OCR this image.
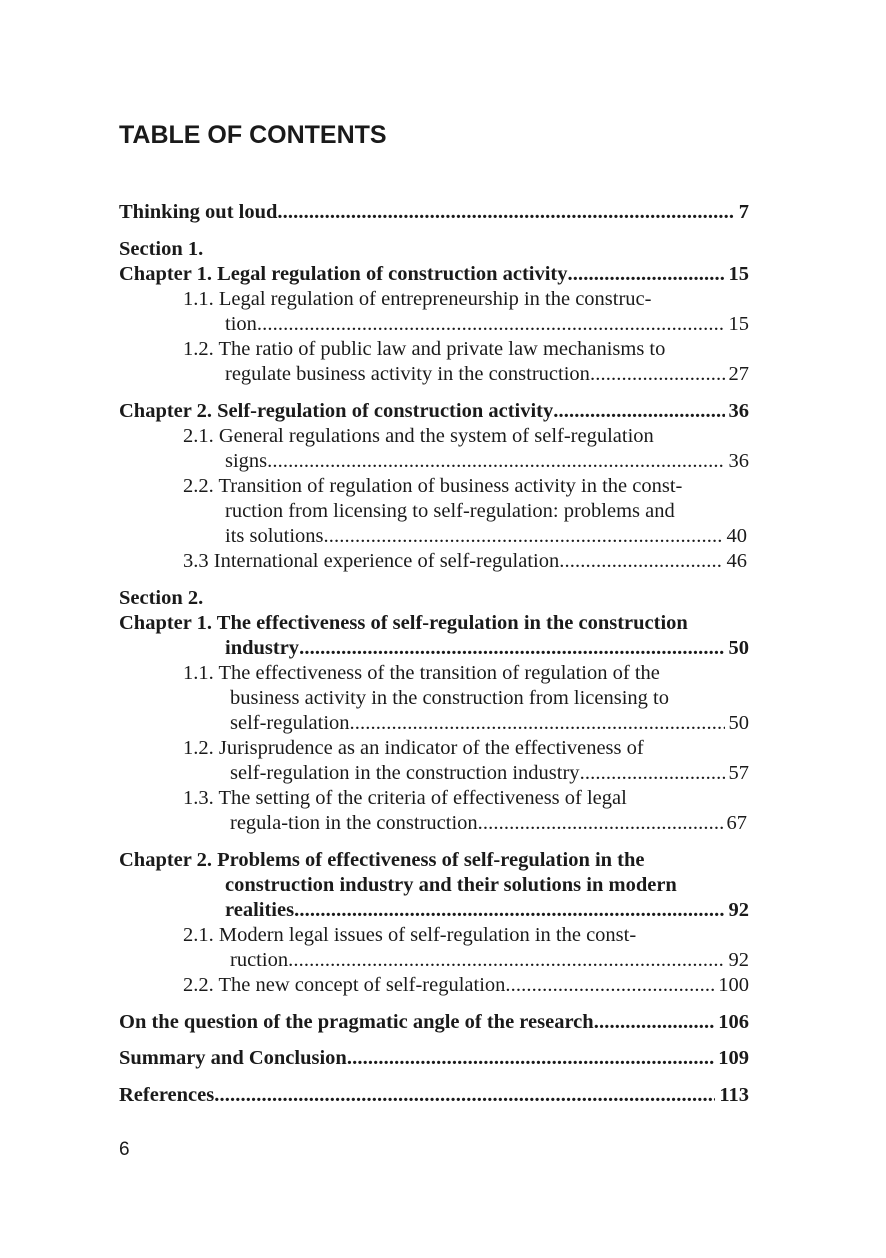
TABLE OF CONTENTS
Thinking out loud . . .	7
Section 1.
Chapter 1. Legal regulation of construction activity . . .	15
1.1. Legal regulation of entrepreneurship in the construc-
tion . . .	15
1.2. The ratio of public law and private law mechanisms to
regulate business activity in the construction . . .	27
Chapter 2. Self-regulation of construction activity . . .	36
2.1. General regulations and the system of self-regulation
signs . . .	36
2.2. Transition of regulation of business activity in the const-
ruction from licensing to self-regulation: problems and
its solutions . . .	40
3.3 International experience of self-regulation . . .	46
Section 2.
Chapter 1. The effectiveness of self-regulation in the construction
industry . . .	50
1.1. The effectiveness of the transition of regulation of the
business activity in the construction from licensing to
self-regulation . . .	50
1.2. Jurisprudence as an indicator of the effectiveness of
self-regulation in the construction industry . . .	57
1.3. The setting of the criteria of effectiveness of legal
regula-tion in the construction . . .	67
Chapter 2. Problems of effectiveness of self-regulation in the
construction industry and their solutions in modern
realities . . .	92
2.1. Modern legal issues of self-regulation in the const-
ruction . . .	92
2.2. The new concept of self-regulation . . .	100
On the question of the pragmatic angle of the research . . .	106
Summary and Conclusion . . .	109
References . . .	113
6
